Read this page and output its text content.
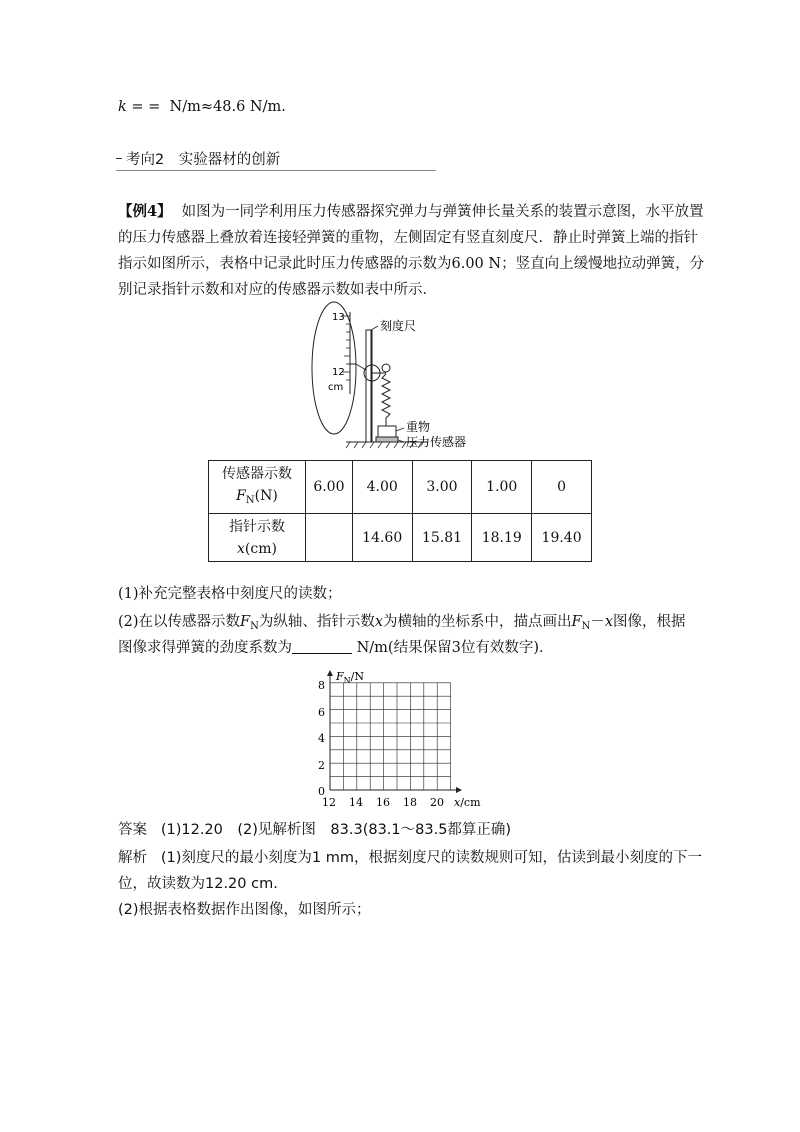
k = = N/m≈48.6 N/m.
考向2　实验器材的创新
【例4】 如图为一同学利用压力传感器探究弹力与弹簧伸长量关系的装置示意图，水平放置
的压力传感器上叠放着连接轻弹簧的重物，左侧固定有竖直刻度尺．静止时弹簧上端的指针
指示如图所示，表格中记录此时压力传感器的示数为6.00 N；竖直向上缓慢地拉动弹簧，分
别记录指针示数和对应的传感器示数如表中所示．
13
12
cm
刻度尺
重物
压力传感器
传感器示数
$F_N(N)$	6.00	4.00	3.00	1.00	0
指针示数
x(cm)		14.60	15.81	18.19	19.40
(1)补充完整表格中刻度尺的读数；
(2)在以传感器示数$F_N$为纵轴、指针示数x为横轴的坐标系中，描点画出$F_N-x$图像，根据
图像求得弹簧的劲度系数为	N/m(结果保留3位有效数字)．
$F_N/N$
8
6
4
2
0
12 14 16 18 20 x/cm
答案 (1)12.20　(2)见解析图　83.3(83.1～83.5都算正确)
解析 (1)刻度尺的最小刻度为1 mm，根据刻度尺的读数规则可知，估读到最小刻度的下一
位，故读数为12.20 cm.
(2)根据表格数据作出图像，如图所示；
